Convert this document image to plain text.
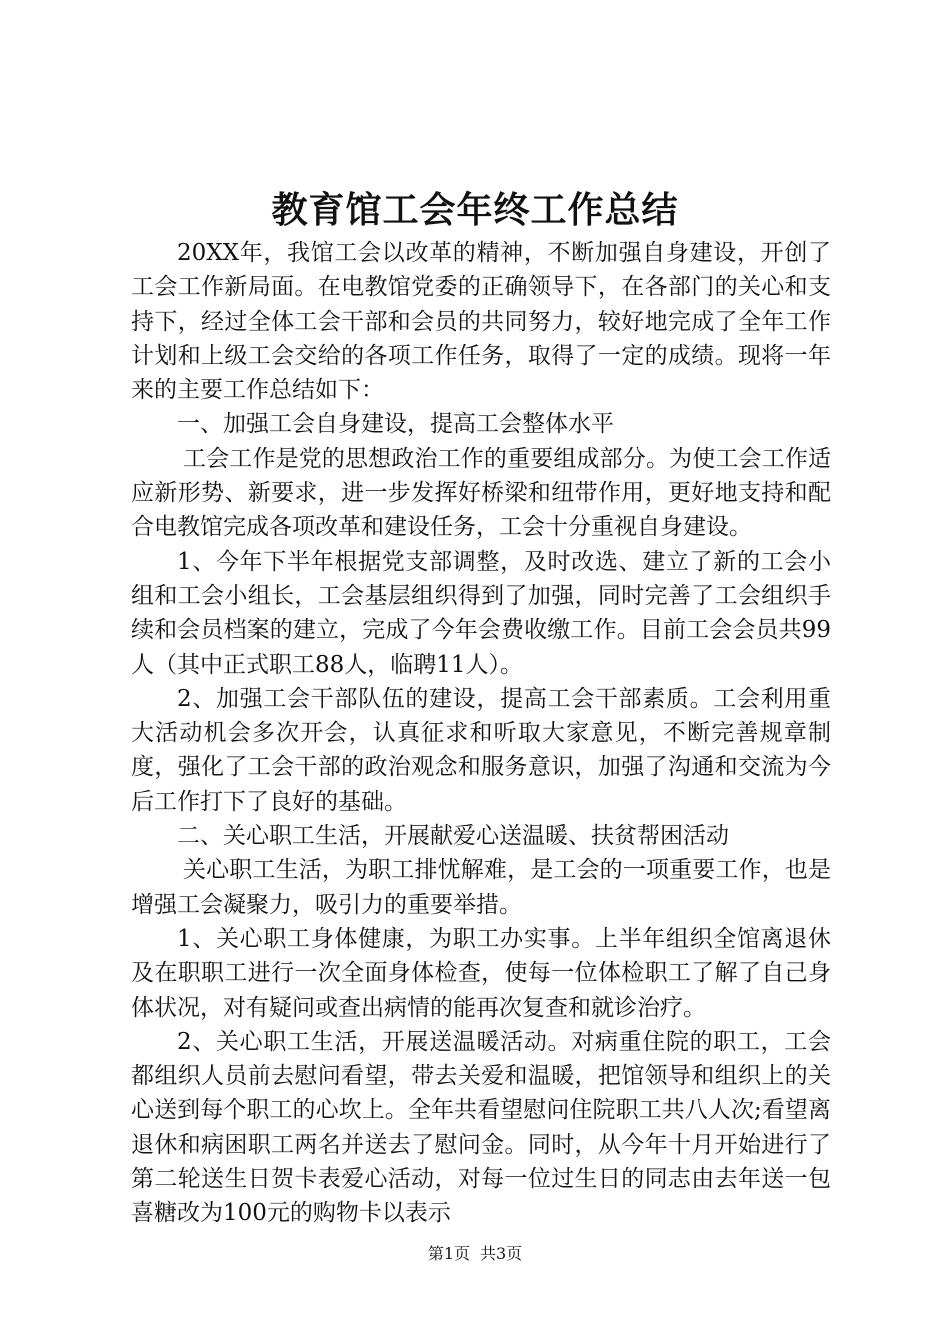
教育馆工会年终工作总结

20XX年，我馆工会以改革的精神，不断加强自身建设，开创了工会工作新局面。在电教馆党委的正确领导下，在各部门的关心和支持下，经过全体工会干部和会员的共同努力，较好地完成了全年工作计划和上级工会交给的各项工作任务，取得了一定的成绩。现将一年来的主要工作总结如下：

一、加强工会自身建设，提高工会整体水平

工会工作是党的思想政治工作的重要组成部分。为使工会工作适应新形势、新要求，进一步发挥好桥梁和纽带作用，更好地支持和配合电教馆完成各项改革和建设任务，工会十分重视自身建设。

1、今年下半年根据党支部调整，及时改选、建立了新的工会小组和工会小组长，工会基层组织得到了加强，同时完善了工会组织手续和会员档案的建立，完成了今年会费收缴工作。目前工会会员共99人（其中正式职工88人，临聘11人）。

2、加强工会干部队伍的建设，提高工会干部素质。工会利用重大活动机会多次开会，认真征求和听取大家意见，不断完善规章制度，强化了工会干部的政治观念和服务意识，加强了沟通和交流为今后工作打下了良好的基础。

二、关心职工生活，开展献爱心送温暖、扶贫帮困活动

关心职工生活，为职工排忧解难，是工会的一项重要工作，也是增强工会凝聚力，吸引力的重要举措。

1、关心职工身体健康，为职工办实事。上半年组织全馆离退休及在职职工进行一次全面身体检查，使每一位体检职工了解了自己身体状况，对有疑问或查出病情的能再次复查和就诊治疗。

2、关心职工生活，开展送温暖活动。对病重住院的职工，工会都组织人员前去慰问看望，带去关爱和温暖，把馆领导和组织上的关心送到每个职工的心坎上。全年共看望慰问住院职工共八人次;看望离退休和病困职工两名并送去了慰问金。同时，从今年十月开始进行了第二轮送生日贺卡表爱心活动，对每一位过生日的同志由去年送一包喜糖改为100元的购物卡以表示

第1页 共3页
